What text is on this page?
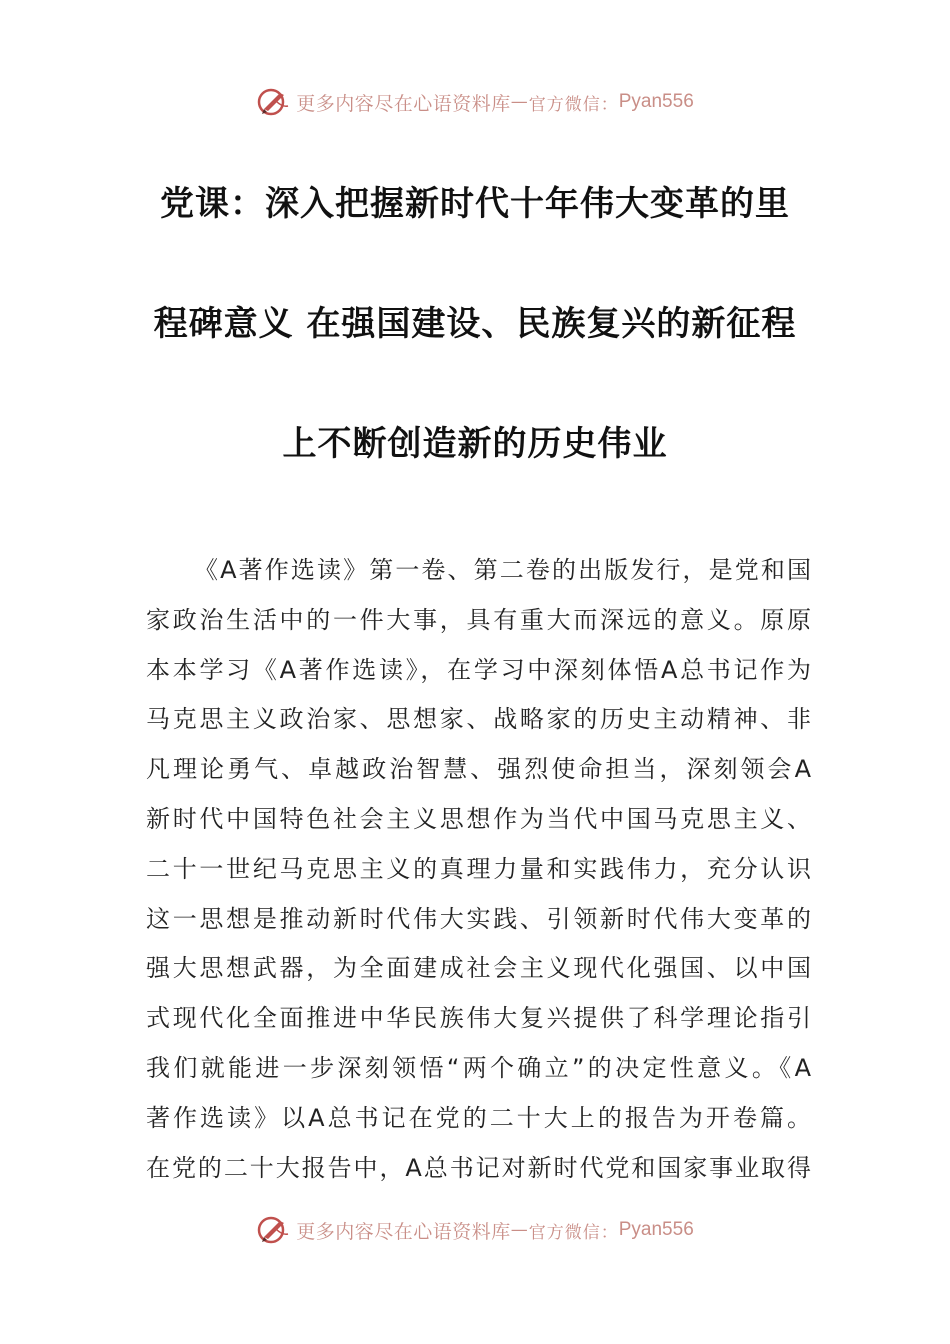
更多内容尽在心语资料库 — 官方微信： Pyan556
党课：深入把握新时代十年伟大变革的里
程碑意义 在强国建设、民族复兴的新征程
上不断创造新的历史伟业
《A著作选读》第一卷、第二卷的出版发行，是党和国
家政治生活中的一件大事，具有重大而深远的意义。原原
本本学习《A著作选读》，在学习中深刻体悟A总书记作为
马克思主义政治家、思想家、战略家的历史主动精神、非
凡理论勇气、卓越政治智慧、强烈使命担当，深刻领会A
新时代中国特色社会主义思想作为当代中国马克思主义、
二十一世纪马克思主义的真理力量和实践伟力，充分认识
这一思想是推动新时代伟大实践、引领新时代伟大变革的
强大思想武器，为全面建成社会主义现代化强国、以中国
式现代化全面推进中华民族伟大复兴提供了科学理论指引
我们就能进一步深刻领悟“两个确立”的决定性意义。《A
著作选读》以A总书记在党的二十大上的报告为开卷篇。
在党的二十大报告中，A总书记对新时代党和国家事业取得
更多内容尽在心语资料库 — 官方微信： Pyan556
